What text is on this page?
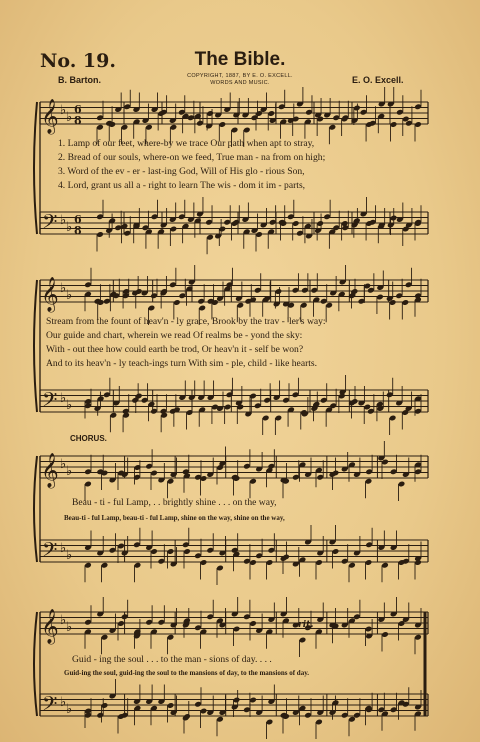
No. 19.	The Bible.
B. Barton.	COPYRIGHT, 1887, BY E. O. EXCELL.
WORDS AND MUSIC.	E. O. Excell.
𝄞
𝄢
♭ ♭
♭ ♭
6
8
6
8
𝄞
𝄢
♭ ♭
♭ ♭
𝄞
𝄢
♭ ♭
♭ ♭
𝄞
𝄢
♭ ♭
♭ ♭
1. Lamp of our feet, where-by we trace Our path when apt to stray,
2. Bread of our souls, where-on we feed, True man - na from on high;
3. Word of the ev - er - last-ing God, Will of His glo - rious Son,
4. Lord, grant us all a - right to learn The wis - dom it im - parts,
Stream from the fount of heav'n - ly grace, Brook by the trav - 'ler's way:
Our guide and chart, wherein we read Of realms be - yond the sky:
With - out thee how could earth be trod, Or heav'n it - self be won?
And to its heav'n - ly teach-ings turn With sim - ple, child - like hearts.
CHORUS.
Beau - ti - ful Lamp, . . brightly shine . . . on the way,
Beau-ti - ful Lamp, beau-ti - ful Lamp, shine on the way, shine on the way,
rit.
Guid - ing the soul . . . to the man - sions of day. . . .
Guid-ing the soul, guid-ing the soul to the mansions of day, to the mansions of day.
